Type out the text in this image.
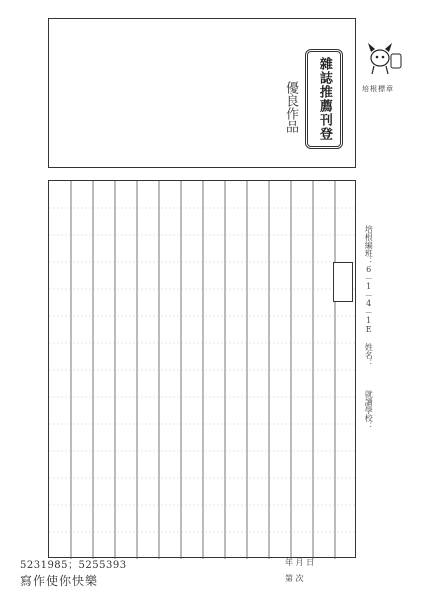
雜誌推薦刊登
優良作品	培根標章
培根編班：6－1－4－1E 姓名：
就讀學校：
5231985；5255393
寫作使你快樂
年 月 日
第 次
